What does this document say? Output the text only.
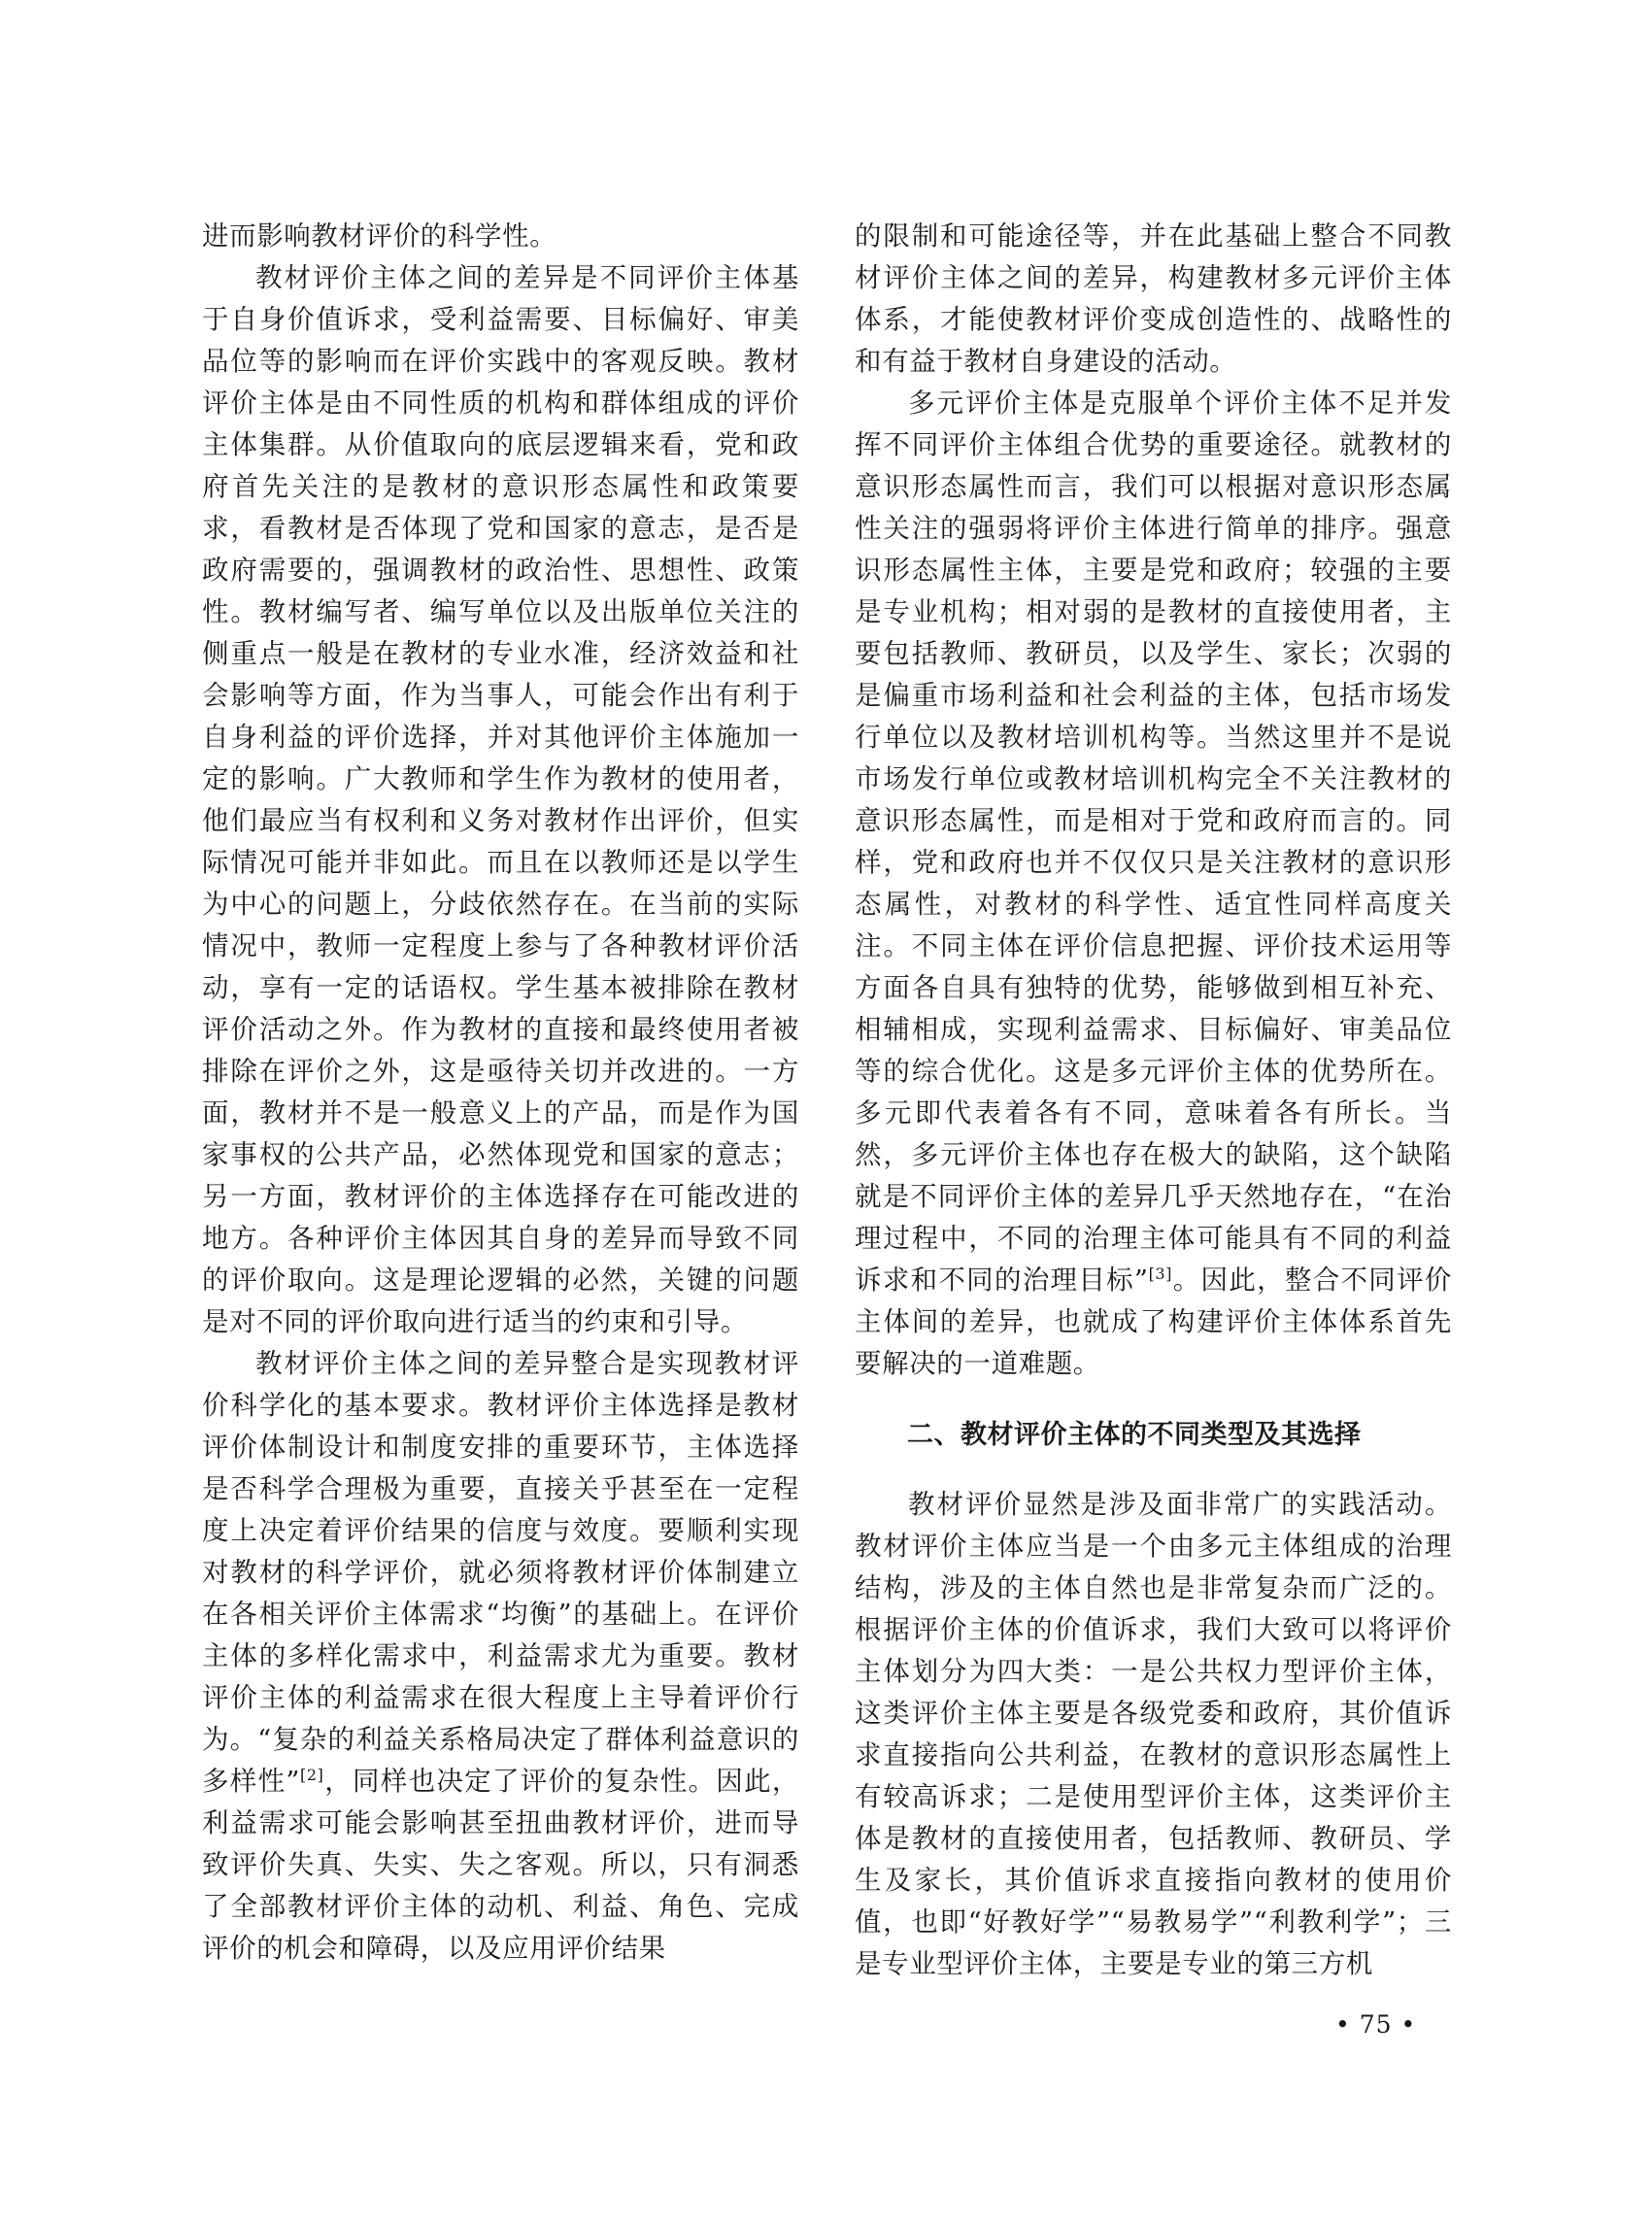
进而影响教材评价的科学性。

教材评价主体之间的差异是不同评价主体基于自身价值诉求，受利益需要、目标偏好、审美品位等的影响而在评价实践中的客观反映。教材评价主体是由不同性质的机构和群体组成的评价主体集群。从价值取向的底层逻辑来看，党和政府首先关注的是教材的意识形态属性和政策要求，看教材是否体现了党和国家的意志，是否是政府需要的，强调教材的政治性、思想性、政策性。教材编写者、编写单位以及出版单位关注的侧重点一般是在教材的专业水准，经济效益和社会影响等方面，作为当事人，可能会作出有利于自身利益的评价选择，并对其他评价主体施加一定的影响。广大教师和学生作为教材的使用者，他们最应当有权利和义务对教材作出评价，但实际情况可能并非如此。而且在以教师还是以学生为中心的问题上，分歧依然存在。在当前的实际情况中，教师一定程度上参与了各种教材评价活动，享有一定的话语权。学生基本被排除在教材评价活动之外。作为教材的直接和最终使用者被排除在评价之外，这是亟待关切并改进的。一方面，教材并不是一般意义上的产品，而是作为国家事权的公共产品，必然体现党和国家的意志；另一方面，教材评价的主体选择存在可能改进的地方。各种评价主体因其自身的差异而导致不同的评价取向。这是理论逻辑的必然，关键的问题是对不同的评价取向进行适当的约束和引导。

教材评价主体之间的差异整合是实现教材评价科学化的基本要求。教材评价主体选择是教材评价体制设计和制度安排的重要环节，主体选择是否科学合理极为重要，直接关乎甚至在一定程度上决定着评价结果的信度与效度。要顺利实现对教材的科学评价，就必须将教材评价体制建立在各相关评价主体需求“均衡”的基础上。在评价主体的多样化需求中，利益需求尤为重要。教材评价主体的利益需求在很大程度上主导着评价行为。“复杂的利益关系格局决定了群体利益意识的多样性”[2]，同样也决定了评价的复杂性。因此，利益需求可能会影响甚至扭曲教材评价，进而导致评价失真、失实、失之客观。所以，只有洞悉了全部教材评价主体的动机、利益、角色、完成评价的机会和障碍，以及应用评价结果

的限制和可能途径等，并在此基础上整合不同教材评价主体之间的差异，构建教材多元评价主体体系，才能使教材评价变成创造性的、战略性的和有益于教材自身建设的活动。

多元评价主体是克服单个评价主体不足并发挥不同评价主体组合优势的重要途径。就教材的意识形态属性而言，我们可以根据对意识形态属性关注的强弱将评价主体进行简单的排序。强意识形态属性主体，主要是党和政府；较强的主要是专业机构；相对弱的是教材的直接使用者，主要包括教师、教研员，以及学生、家长；次弱的是偏重市场利益和社会利益的主体，包括市场发行单位以及教材培训机构等。当然这里并不是说市场发行单位或教材培训机构完全不关注教材的意识形态属性，而是相对于党和政府而言的。同样，党和政府也并不仅仅只是关注教材的意识形态属性，对教材的科学性、适宜性同样高度关注。不同主体在评价信息把握、评价技术运用等方面各自具有独特的优势，能够做到相互补充、相辅相成，实现利益需求、目标偏好、审美品位等的综合优化。这是多元评价主体的优势所在。多元即代表着各有不同，意味着各有所长。当然，多元评价主体也存在极大的缺陷，这个缺陷就是不同评价主体的差异几乎天然地存在，“在治理过程中，不同的治理主体可能具有不同的利益诉求和不同的治理目标”[3]。因此，整合不同评价主体间的差异，也就成了构建评价主体体系首先要解决的一道难题。

二、教材评价主体的不同类型及其选择

教材评价显然是涉及面非常广的实践活动。教材评价主体应当是一个由多元主体组成的治理结构，涉及的主体自然也是非常复杂而广泛的。根据评价主体的价值诉求，我们大致可以将评价主体划分为四大类：一是公共权力型评价主体，这类评价主体主要是各级党委和政府，其价值诉求直接指向公共利益，在教材的意识形态属性上有较高诉求；二是使用型评价主体，这类评价主体是教材的直接使用者，包括教师、教研员、学生及家长，其价值诉求直接指向教材的使用价值，也即“好教好学”“易教易学”“利教利学”；三是专业型评价主体，主要是专业的第三方机

• 75 •
